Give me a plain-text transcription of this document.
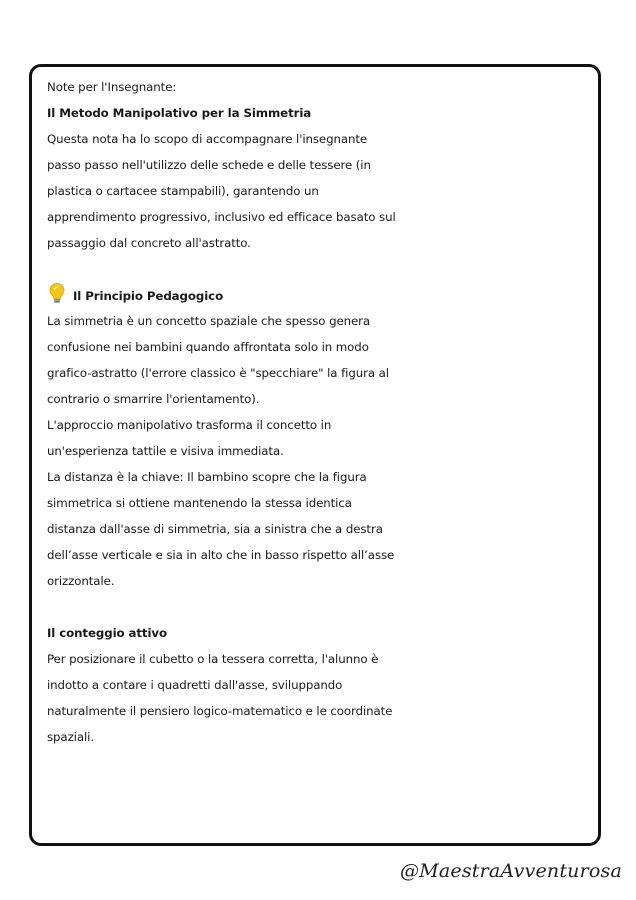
Note per l'Insegnante:
Il Metodo Manipolativo per la Simmetria
Questa nota ha lo scopo di accompagnare l'insegnante
passo passo nell'utilizzo delle schede e delle tessere (in
plastica o cartacee stampabili), garantendo un
apprendimento progressivo, inclusivo ed efficace basato sul
passaggio dal concreto all'astratto.
Il Principio Pedagogico
La simmetria è un concetto spaziale che spesso genera
confusione nei bambini quando affrontata solo in modo
grafico-astratto (l'errore classico è "specchiare" la figura al
contrario o smarrire l'orientamento).
L'approccio manipolativo trasforma il concetto in
un'esperienza tattile e visiva immediata.
La distanza è la chiave: Il bambino scopre che la figura
simmetrica si ottiene mantenendo la stessa identica
distanza dall'asse di simmetria, sia a sinistra che a destra
dell’asse verticale e sia in alto che in basso rispetto all’asse
orizzontale.
Il conteggio attivo
Per posizionare il cubetto o la tessera corretta, l'alunno è
indotto a contare i quadretti dall'asse, sviluppando
naturalmente il pensiero logico-matematico e le coordinate
spaziali.
@MaestraAvventurosa
